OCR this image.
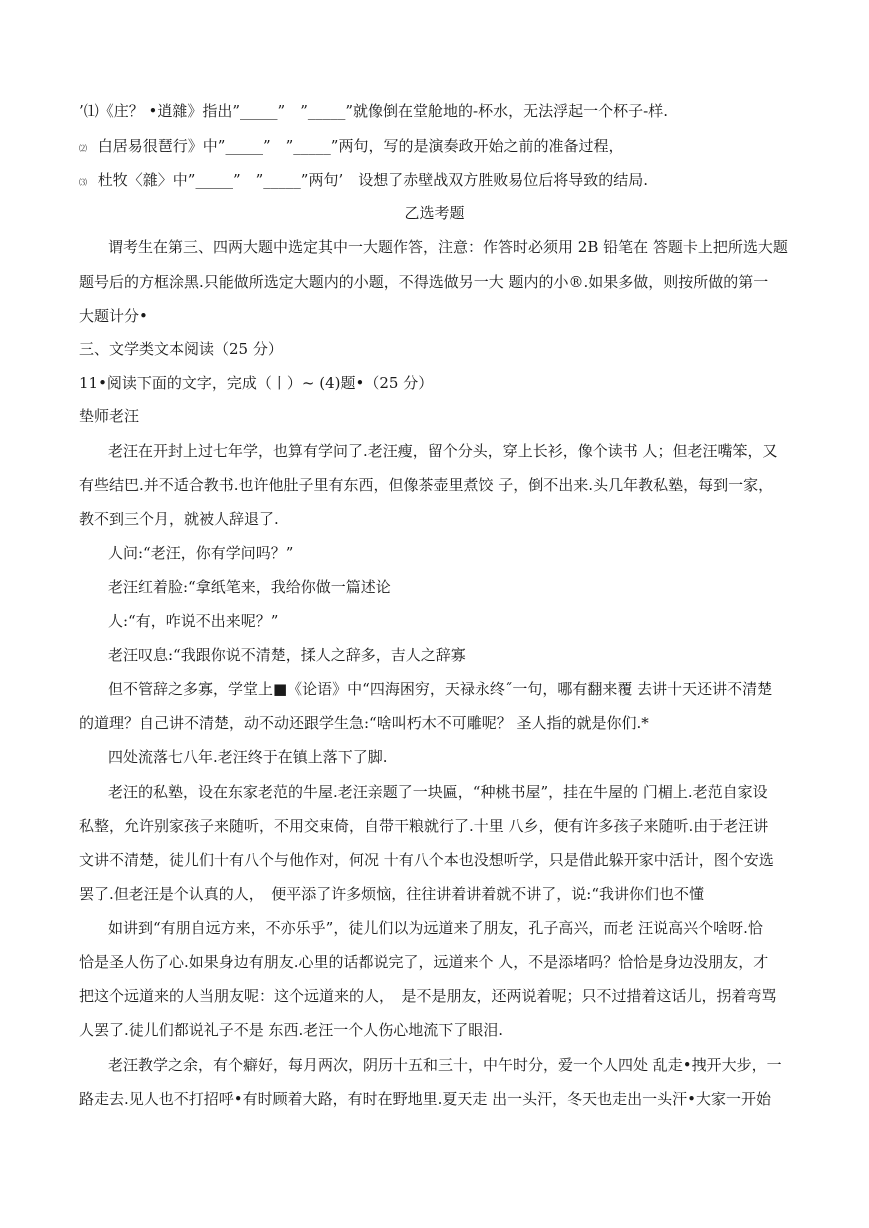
’⑴《庄？ •逍雜》指出”_____”　”_____”就像倒在堂舱地的-杯水，无法浮起一个杯子-样.
⑵ 白居易很琶行》中”_____”　”_____”两句，写的是演奏政开始之前的准备过程，
⑶ 杜牧〈雜〉中”_____”　”_____”两句’　设想了赤壁战双方胜败易位后将导致的结局.
乙选考题
谓考生在第三、四两大题中选定其中一大题作答，注意：作答时必须用 2B 铅笔在 答题卡上把所选大题
题号后的方框涂黑.只能做所选定大题内的小题，不得选做另一大 题内的小®.如果多做，则按所做的第一
大题计分•
三、文学类文本阅读（25 分）
11•阅读下面的文字，完成（丨）~ (4)题•（25 分）
垫师老汪
老汪在开封上过七年学，也算有学问了.老汪瘦，留个分头，穿上长衫，像个读书 人；但老汪嘴笨，又
有些结巴.并不适合教书.也许他肚子里有东西，但像茶壶里煮饺 子，倒不出来.头几年教私塾，每到一家，
教不到三个月，就被人辞退了.
人问:“老汪，你有学问吗？”
老汪红着脸:“拿纸笔来，我给你做一篇述论
人:“有，咋说不出来呢？”
老汪叹息:“我跟你说不清楚，揉人之辞多，吉人之辞寡
但不管辞之多寡，学堂上■《论语》中“四海困穷，天禄永终˝一句，哪有翻来覆 去讲十天还讲不清楚
的道理？自己讲不清楚，动不动还跟学生急:“啥叫朽木不可雕呢？ 圣人指的就是你们.*
四处流落七八年.老汪终于在镇上落下了脚.
老汪的私塾，设在东家老范的牛屋.老汪亲题了一块匾，“种桃书屋”，挂在牛屋的 门楣上.老范自家设
私整，允许别家孩子来随听，不用交束倚，自带干粮就行了.十里 八乡，便有许多孩子来随听.由于老汪讲
文讲不清楚，徒儿们十有八个与他作对，何况 十有八个本也没想听学，只是借此躲开家中活计，图个安选
罢了.但老汪是个认真的人，　便平添了许多烦恼，往往讲着讲着就不讲了，说:“我讲你们也不懂
如讲到“有朋自远方来，不亦乐乎”，徒儿们以为远道来了朋友，孔子高兴，而老 汪说高兴个啥呀.恰
恰是圣人伤了心.如果身边有朋友.心里的话都说完了，远道来个 人，不是添堵吗？恰恰是身边没朋友，才
把这个远道来的人当朋友呢：这个远道来的人，　是不是朋友，还两说着呢；只不过措着这话儿，拐着弯骂
人罢了.徒儿们都说礼子不是 东西.老汪一个人伤心地流下了眼泪.
老汪教学之余，有个癖好，每月两次，阴历十五和三十，中午时分，爱一个人四处 乱走•拽开大步，一
路走去.见人也不打招呼•有时顾着大路，有时在野地里.夏天走 出一头汗，冬天也走出一头汗•大家一开始
